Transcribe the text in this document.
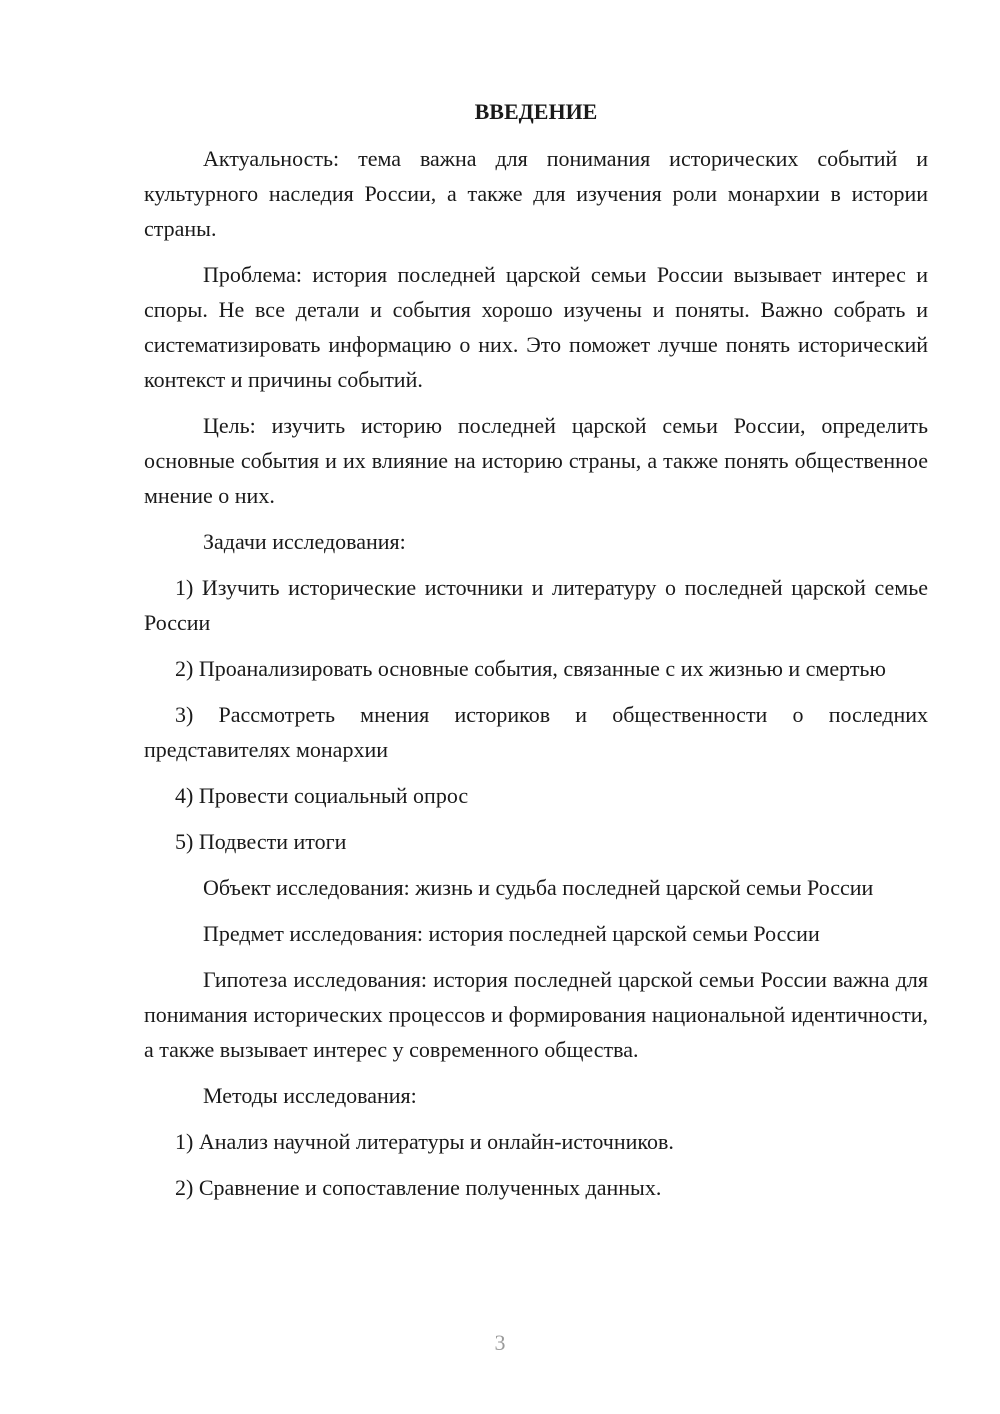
ВВЕДЕНИЕ

Актуальность: тема важна для понимания исторических событий и культурного наследия России, а также для изучения роли монархии в истории страны.

Проблема: история последней царской семьи России вызывает интерес и споры. Не все детали и события хорошо изучены и поняты. Важно собрать и систематизировать информацию о них. Это поможет лучше понять исторический контекст и причины событий.

Цель: изучить историю последней царской семьи России, определить основные события и их влияние на историю страны, а также понять общественное мнение о них.

Задачи исследования:

1) Изучить исторические источники и литературу о последней царской семье России

2) Проанализировать основные события, связанные с их жизнью и смертью

3) Рассмотреть мнения историков и общественности о последних представителях монархии

4) Провести социальный опрос

5) Подвести итоги

Объект исследования: жизнь и судьба последней царской семьи России

Предмет исследования: история последней царской семьи России

Гипотеза исследования: история последней царской семьи России важна для понимания исторических процессов и формирования национальной идентичности, а также вызывает интерес у современного общества.

Методы исследования:

1) Анализ научной литературы и онлайн-источников.

2) Сравнение и сопоставление полученных данных.

3
